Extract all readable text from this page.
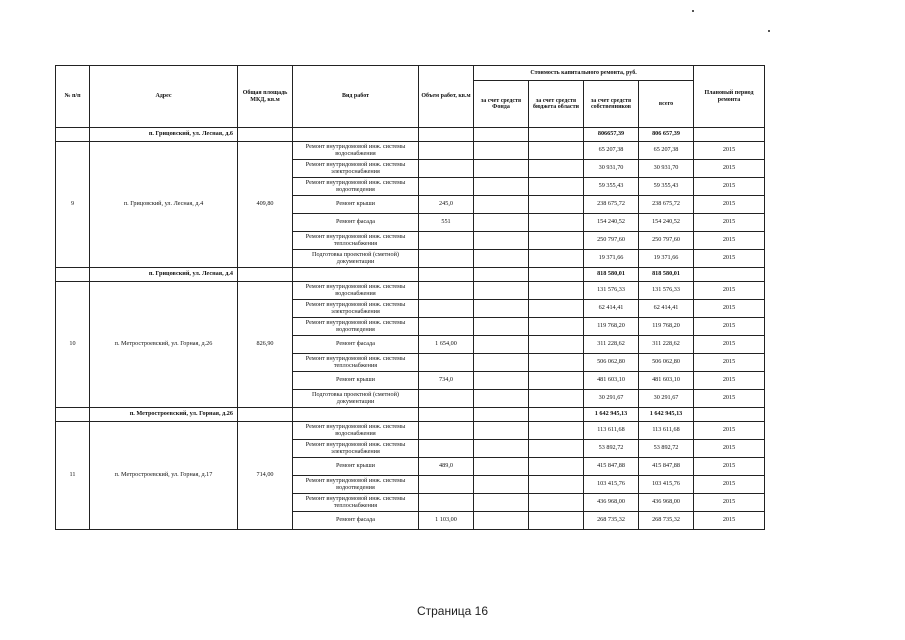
№ п/п	Адрес	Общая площадь МКД, кв.м	Вид работ	Объем работ, кв.м	Стоимость капитального ремонта, руб.				Плановый период ремонта
					за счет средств Фонда	за счет средств бюджета области	за счет средств собственников	всего	
	п. Грицовский, ул. Лесная, д.6						806657,39	806 657,39	
9	п. Грицовский, ул. Лесная, д.4	409,80	Ремонт внутридомовой инж. системы водоснабжения				65 207,38	65 207,38	2015
			Ремонт внутридомовой инж. системы электроснабжения				30 931,70	30 931,70	2015
			Ремонт внутридомовой инж. системы водоотведения				59 355,43	59 355,43	2015
			Ремонт крыши	245,0			238 675,72	238 675,72	2015
			Ремонт фасада	551			154 240,52	154 240,52	2015
			Ремонт внутридомовой инж. системы теплоснабжения				250 797,60	250 797,60	2015
			Подготовка проектной (сметной) документации				19 371,66	19 371,66	2015
	п. Грицовский, ул. Лесная, д.4						818 580,01	818 580,01	
10	п. Метростроевский, ул. Горная, д.26	826,90	Ремонт внутридомовой инж. системы водоснабжения				131 576,33	131 576,33	2015
			Ремонт внутридомовой инж. системы электроснабжения				62 414,41	62 414,41	2015
			Ремонт внутридомовой инж. системы водоотведения				119 768,20	119 768,20	2015
			Ремонт фасада	1 654,00			311 228,62	311 228,62	2015
			Ремонт внутридомовой инж. системы теплоснабжения				506 062,80	506 062,80	2015
			Ремонт крыши	734,0			481 603,10	481 603,10	2015
			Подготовка проектной (сметной) документации				30 291,67	30 291,67	2015
	п. Метростроевский, ул. Горная, д.26						1 642 945,13	1 642 945,13	
11	п. Метростроевский, ул. Горная, д.17	714,00	Ремонт внутридомовой инж. системы водоснабжения				113 611,68	113 611,68	2015
			Ремонт внутридомовой инж. системы электроснабжения				53 892,72	53 892,72	2015
			Ремонт крыши	489,0			415 847,88	415 847,88	2015
			Ремонт внутридомовой инж. системы водоотведения				103 415,76	103 415,76	2015
			Ремонт внутридомовой инж. системы теплоснабжения				436 968,00	436 968,00	2015
			Ремонт фасада	1 103,00			268 735,32	268 735,32	2015
Страница 16
